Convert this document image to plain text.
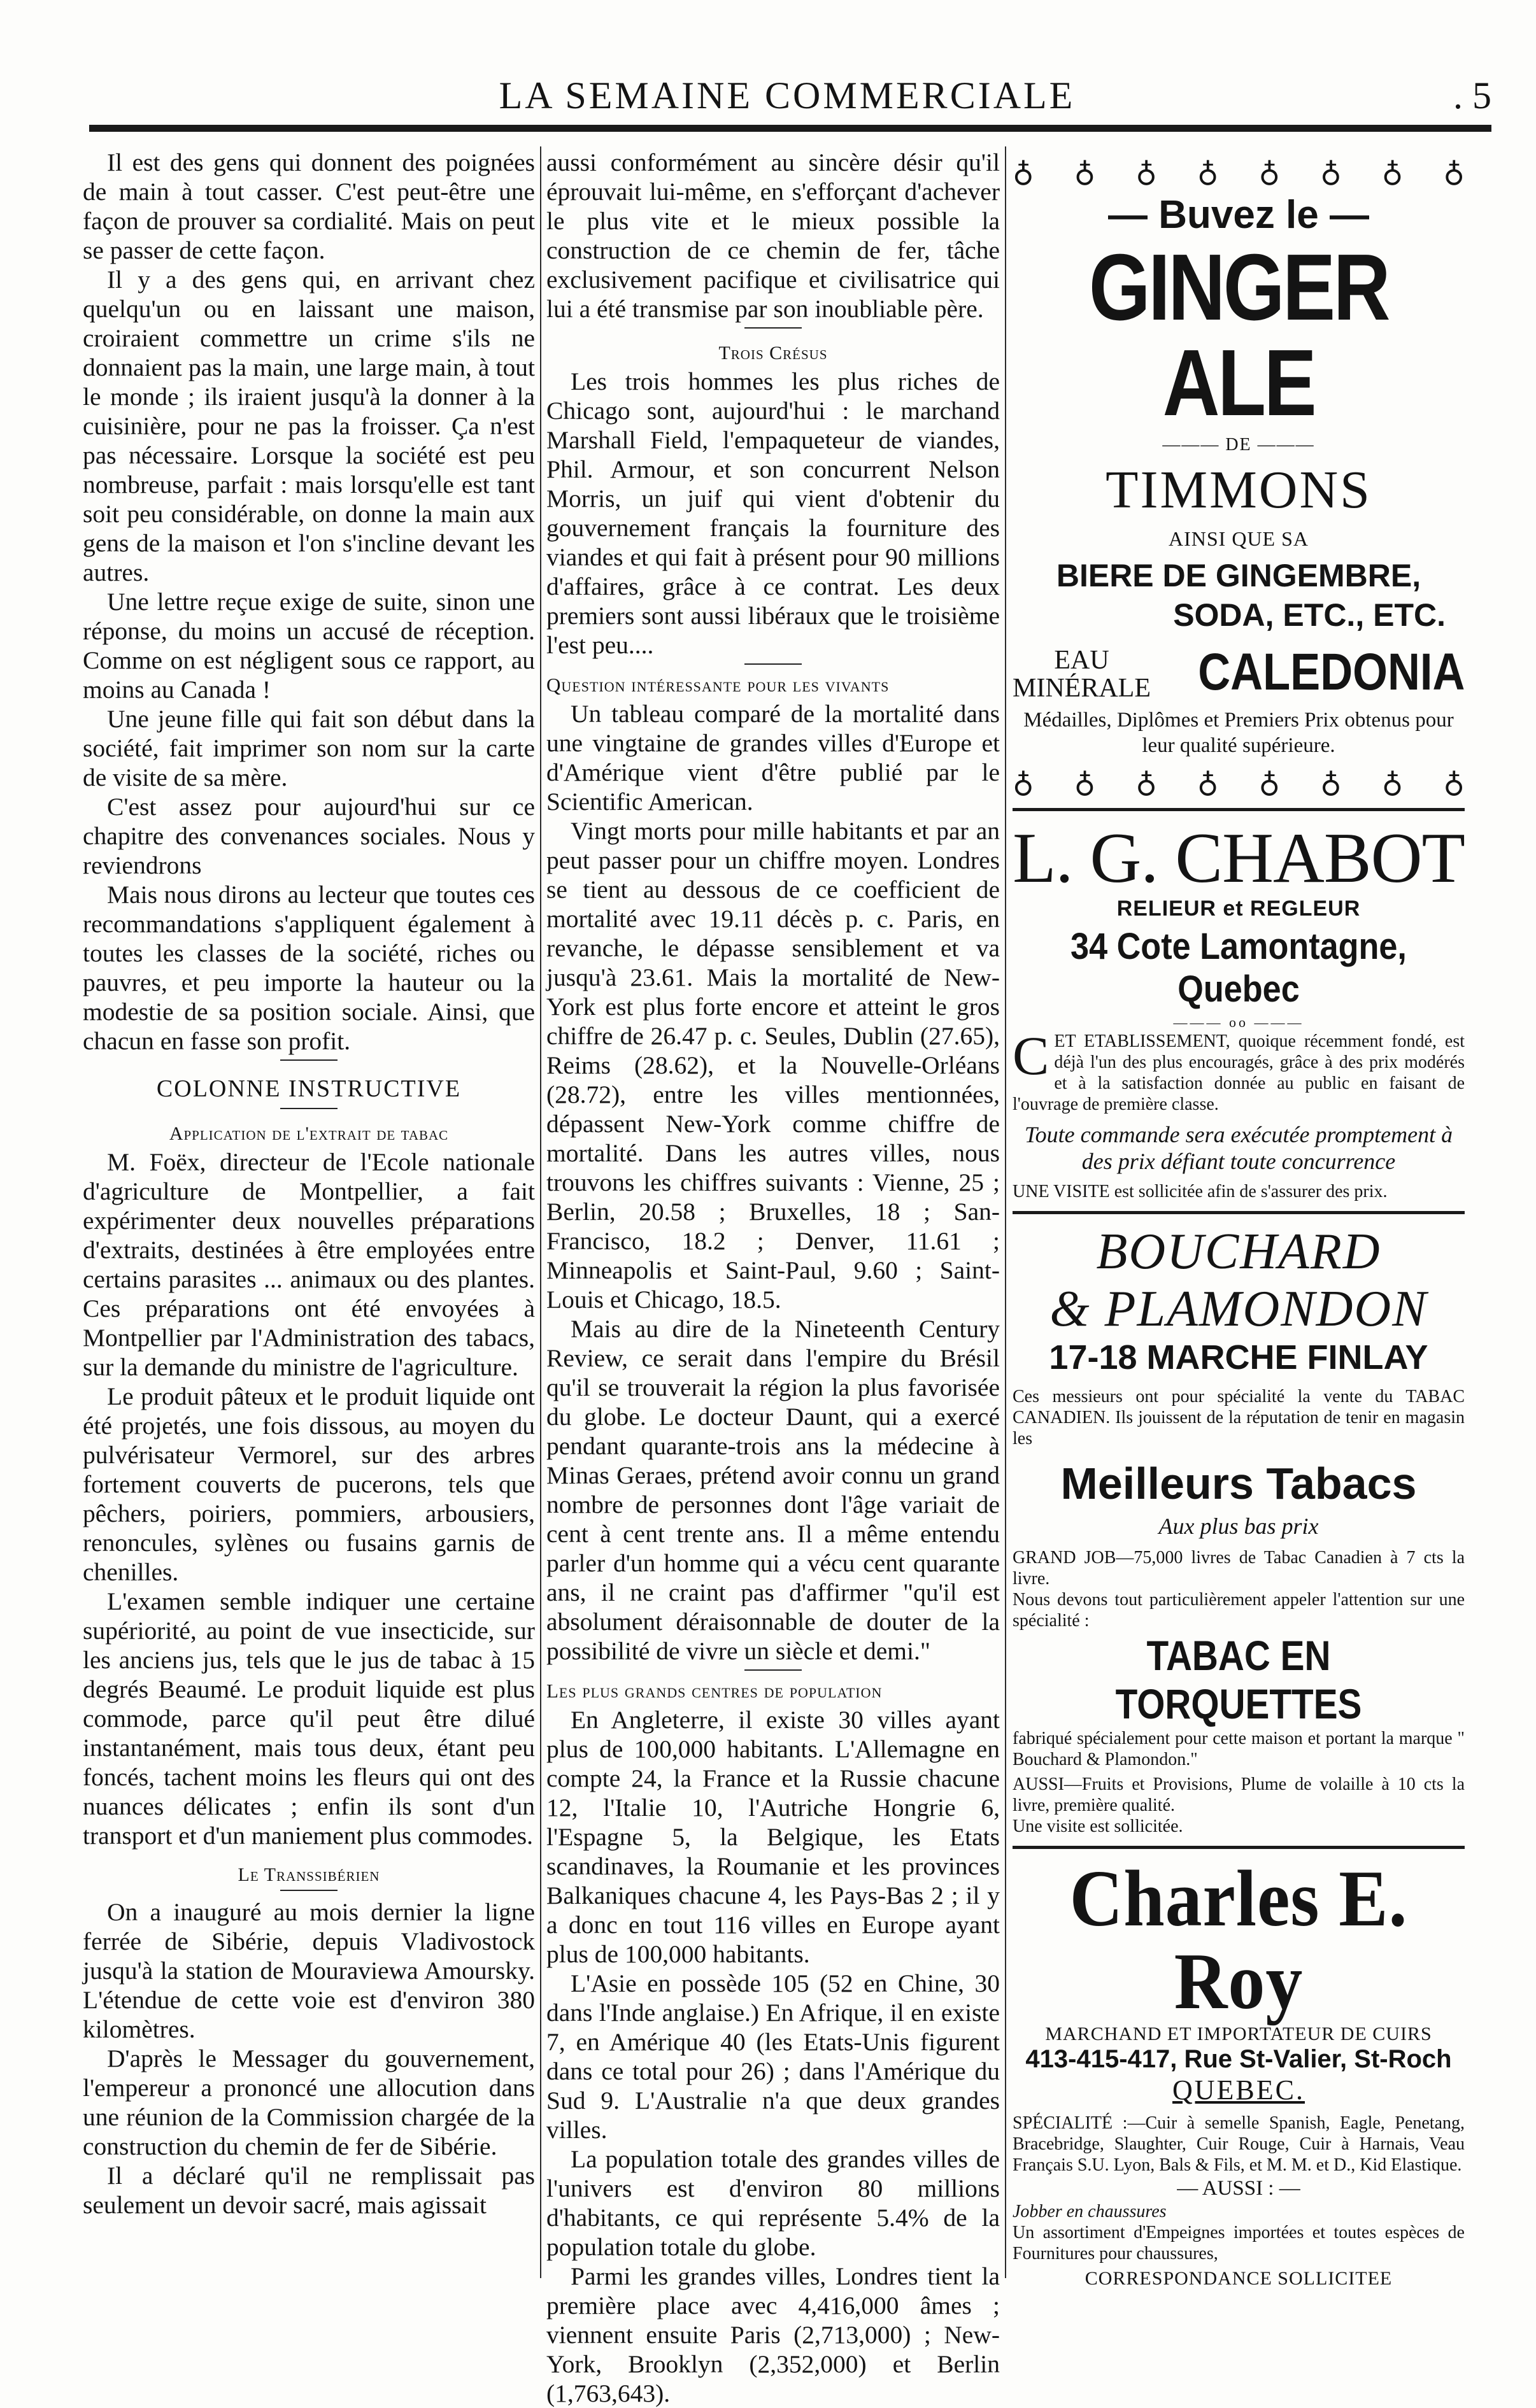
LA SEMAINE COMMERCIALE	. 5

Il est des gens qui donnent des poignées de main à tout casser. C'est peut-être une façon de prouver sa cordialité. Mais on peut se passer de cette façon.

Il y a des gens qui, en arrivant chez quelqu'un ou en laissant une maison, croiraient commettre un crime s'ils ne donnaient pas la main, une large main, à tout le monde ; ils iraient jusqu'à la donner à la cuisinière, pour ne pas la froisser. Ça n'est pas nécessaire. Lorsque la société est peu nombreuse, parfait : mais lorsqu'elle est tant soit peu considérable, on donne la main aux gens de la maison et l'on s'incline devant les autres.

Une lettre reçue exige de suite, sinon une réponse, du moins un accusé de réception. Comme on est négligent sous ce rapport, au moins au Canada !

Une jeune fille qui fait son début dans la société, fait imprimer son nom sur la carte de visite de sa mère.

C'est assez pour aujourd'hui sur ce chapitre des convenances sociales. Nous y reviendrons

Mais nous dirons au lecteur que toutes ces recommandations s'appliquent également à toutes les classes de la société, riches ou pauvres, et peu importe la hauteur ou la modestie de sa position sociale. Ainsi, que chacun en fasse son profit.

COLONNE INSTRUCTIVE
Application de l'extrait de tabac

M. Foëx, directeur de l'Ecole nationale d'agriculture de Montpellier, a fait expérimenter deux nouvelles préparations d'extraits, destinées à être employées entre certains parasites ... animaux ou des plantes. Ces préparations ont été envoyées à Montpellier par l'Administration des tabacs, sur la demande du ministre de l'agriculture.

Le produit pâteux et le produit liquide ont été projetés, une fois dissous, au moyen du pulvérisateur Vermorel, sur des arbres fortement couverts de pucerons, tels que pêchers, poiriers, pommiers, arbousiers, renoncules, sylènes ou fusains garnis de chenilles.

L'examen semble indiquer une certaine supériorité, au point de vue insecticide, sur les anciens jus, tels que le jus de tabac à 15 degrés Beaumé. Le produit liquide est plus commode, parce qu'il peut être dilué instantanément, mais tous deux, étant peu foncés, tachent moins les fleurs qui ont des nuances délicates ; enfin ils sont d'un transport et d'un maniement plus commodes.

Le Transsibérien

On a inauguré au mois dernier la ligne ferrée de Sibérie, depuis Vladivostock jusqu'à la station de Mouraviewa Amoursky. L'étendue de cette voie est d'environ 380 kilomètres.

D'après le Messager du gouvernement, l'empereur a prononcé une allocution dans une réunion de la Commission chargée de la construction du chemin de fer de Sibérie.

Il a déclaré qu'il ne remplissait pas seulement un devoir sacré, mais agissait

aussi conformément au sincère désir qu'il éprouvait lui-même, en s'efforçant d'achever le plus vite et le mieux possible la construction de ce chemin de fer, tâche exclusivement pacifique et civilisatrice qui lui a été transmise par son inoubliable père.

Trois Crésus

Les trois hommes les plus riches de Chicago sont, aujourd'hui : le marchand Marshall Field, l'empaqueteur de viandes, Phil. Armour, et son concurrent Nelson Morris, un juif qui vient d'obtenir du gouvernement français la fourniture des viandes et qui fait à présent pour 90 millions d'affaires, grâce à ce contrat. Les deux premiers sont aussi libéraux que le troisième l'est peu....

Question intéressante pour les vivants

Un tableau comparé de la mortalité dans une vingtaine de grandes villes d'Europe et d'Amérique vient d'être publié par le Scientific American.

Vingt morts pour mille habitants et par an peut passer pour un chiffre moyen. Londres se tient au dessous de ce coefficient de mortalité avec 19.11 décès p. c. Paris, en revanche, le dépasse sensiblement et va jusqu'à 23.61. Mais la mortalité de New-York est plus forte encore et atteint le gros chiffre de 26.47 p. c. Seules, Dublin (27.65), Reims (28.62), et la Nouvelle-Orléans (28.72), entre les villes mentionnées, dépassent New-York comme chiffre de mortalité. Dans les autres villes, nous trouvons les chiffres suivants : Vienne, 25 ; Berlin, 20.58 ; Bruxelles, 18 ; San-Francisco, 18.2 ; Denver, 11.61 ; Minneapolis et Saint-Paul, 9.60 ; Saint-Louis et Chicago, 18.5.

Mais au dire de la Nineteenth Century Review, ce serait dans l'empire du Brésil qu'il se trouverait la région la plus favorisée du globe. Le docteur Daunt, qui a exercé pendant quarante-trois ans la médecine à Minas Geraes, prétend avoir connu un grand nombre de personnes dont l'âge variait de cent à cent trente ans. Il a même entendu parler d'un homme qui a vécu cent quarante ans, il ne craint pas d'affirmer "qu'il est absolument déraisonnable de douter de la possibilité de vivre un siècle et demi."

Les plus grands centres de population

En Angleterre, il existe 30 villes ayant plus de 100,000 habitants. L'Allemagne en compte 24, la France et la Russie chacune 12, l'Italie 10, l'Autriche Hongrie 6, l'Espagne 5, la Belgique, les Etats scandinaves, la Roumanie et les provinces Balkaniques chacune 4, les Pays-Bas 2 ; il y a donc en tout 116 villes en Europe ayant plus de 100,000 habitants.

L'Asie en possède 105 (52 en Chine, 30 dans l'Inde anglaise.) En Afrique, il en existe 7, en Amérique 40 (les Etats-Unis figurent dans ce total pour 26) ; dans l'Amérique du Sud 9. L'Australie n'a que deux grandes villes.

La population totale des grandes villes de l'univers est d'environ 80 millions d'habitants, ce qui représente 5.4% de la population totale du globe.

Parmi les grandes villes, Londres tient la première place avec 4,416,000 âmes ; viennent ensuite Paris (2,713,000) ; New-York, Brooklyn (2,352,000) et Berlin (1,763,643).

♁ ♁ ♁ ♁ ♁ ♁ ♁ ♁
— Buvez le —
GINGER ALE
——— DE ———
TIMMONS
AINSI QUE SA
BIERE DE GINGEMBRE,
SODA, ETC., ETC.
EAU
MINÉRALE CALEDONIA
Médailles, Diplômes et Premiers Prix obtenus pour leur qualité supérieure.
♁ ♁ ♁ ♁ ♁ ♁ ♁ ♁
L. G. CHABOT
RELIEUR et REGLEUR
34 Cote Lamontagne, Quebec
——— oo ———
CET ETABLISSEMENT, quoique récemment fondé, est déjà l'un des plus encouragés, grâce à des prix modérés et à la satisfaction donnée au public en faisant de l'ouvrage de première classe.
Toute commande sera exécutée promptement à des prix défiant toute concurrence
UNE VISITE est sollicitée afin de s'assurer des prix.
BOUCHARD
& PLAMONDON
17-18 MARCHE FINLAY
Ces messieurs ont pour spécialité la vente du TABAC CANADIEN. Ils jouissent de la réputation de tenir en magasin les
Meilleurs Tabacs
Aux plus bas prix
GRAND JOB—75,000 livres de Tabac Canadien à 7 cts la livre.
Nous devons tout particulièrement appeler l'attention sur une spécialité :
TABAC EN TORQUETTES
fabriqué spécialement pour cette maison et portant la marque " Bouchard & Plamondon."
AUSSI—Fruits et Provisions, Plume de volaille à 10 cts la livre, première qualité.
Une visite est sollicitée.
Charles E. Roy
MARCHAND ET IMPORTATEUR DE CUIRS
413-415-417, Rue St-Valier, St-Roch
QUEBEC.
SPÉCIALITÉ :—Cuir à semelle Spanish, Eagle, Penetang, Bracebridge, Slaughter, Cuir Rouge, Cuir à Harnais, Veau Français S.U. Lyon, Bals & Fils, et M. M. et D., Kid Elastique.
— AUSSI : —
Jobber en chaussures
Un assortiment d'Empeignes importées et toutes espèces de Fournitures pour chaussures,
CORRESPONDANCE SOLLICITEE
